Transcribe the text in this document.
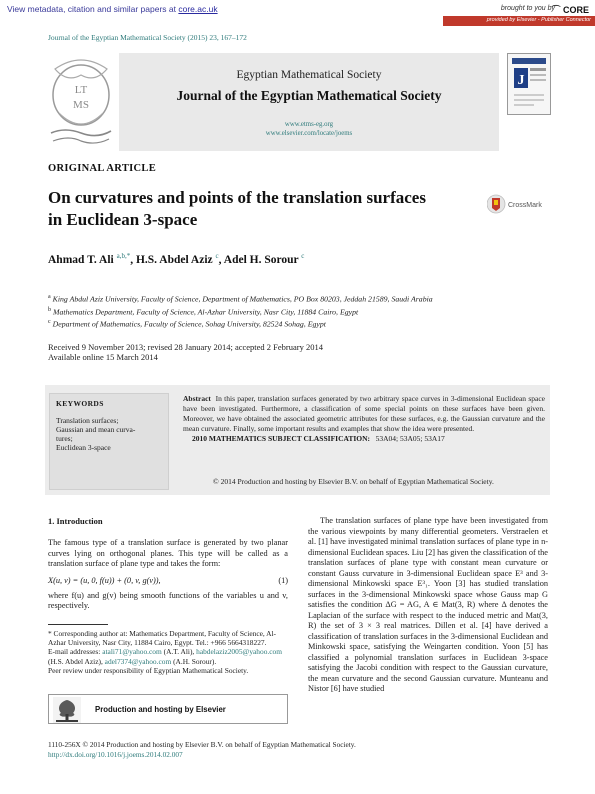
View metadata, citation and similar papers at core.ac.uk	brought to you by
⌒ CORE
provided by Elsevier - Publisher Connector
Journal of the Egyptian Mathematical Society (2015) 23, 167–172
LT
MS
Egyptian Mathematical Society
Journal of the Egyptian Mathematical Society
www.etms-eg.org
www.elsevier.com/locate/joems
J
ORIGINAL ARTICLE
On curvatures and points of the translation surfaces
in Euclidean 3-space
CrossMark
Ahmad T. Ali $^{a,b,*}$, H.S. Abdel Aziz $^c$, Adel H. Sorour $^c$
$^a$ King Abdul Aziz University, Faculty of Science, Department of Mathematics, PO Box 80203, Jeddah 21589, Saudi Arabia
$^b$ Mathematics Department, Faculty of Science, Al-Azhar University, Nasr City, 11884 Cairo, Egypt
$^c$ Department of Mathematics, Faculty of Science, Sohag University, 82524 Sohag, Egypt
Received 9 November 2013; revised 28 January 2014; accepted 2 February 2014
Available online 15 March 2014
KEYWORDS
Translation surfaces;
Gaussian and mean curva-
tures;
Euclidean 3-space
Abstract In this paper, translation surfaces generated by two arbitrary space curves in 3-dimensional Euclidean space have been investigated. Furthermore, a classification of some special points on these surfaces have been given. Moreover, we have obtained the associated geometric attributes for these surfaces, e.g. the Gaussian curvature and the mean curvature. Finally, some important results and examples that show the idea were presented.
2010 MATHEMATICS SUBJECT CLASSIFICATION: 53A04; 53A05; 53A17
© 2014 Production and hosting by Elsevier B.V. on behalf of Egyptian Mathematical Society.
1. Introduction
The famous type of a translation surface is generated by two planar curves lying on orthogonal planes. This type will be called as a translation surface of plane type and takes the form:
X(u, v) = (u, 0, f(u)) + (0, v, g(v)),	(1)
where f(u) and g(v) being smooth functions of the variables u and v, respectively.
* Corresponding author at: Mathematics Department, Faculty of Science, Al-Azhar University, Nasr City, 11884 Cairo, Egypt. Tel.: +966 5664318227.
E-mail addresses: atali71@yahoo.com (A.T. Ali), habdelaziz2005@yahoo.com (H.S. Abdel Aziz), adel7374@yahoo.com (A.H. Sorour).
Peer review under responsibility of Egyptian Mathematical Society.
Production and hosting by Elsevier
The translation surfaces of plane type have been investigated from the various viewpoints by many differential geometers. Verstraelen et al. [1] have investigated minimal translation surfaces of plane type in n-dimensional Euclidean spaces. Liu [2] has given the classification of the translation surfaces of plane type with constant mean curvature or constant Gauss curvature in 3-dimensional Euclidean space E³ and 3-dimensional Minkowski space E³₁. Yoon [3] has studied translation surfaces in the 3-dimensional Minkowski space whose Gauss map G satisfies the condition ΔG = AG, A ∈ Mat(3, R) where Δ denotes the Laplacian of the surface with respect to the induced metric and Mat(3, R) the set of 3 × 3 real matrices. Dillen et al. [4] have derived a classification of translation surfaces in the 3-dimensional Euclidean and Minkowski space, satisfying the Weingarten condition. Yoon [5] has classified a polynomial translation surfaces in Euclidean 3-space satisfying the Jacobi condition with respect to the Gaussian curvature, the mean curvature and the second Gaussian curvature. Munteanu and Nistor [6] have studied
1110-256X © 2014 Production and hosting by Elsevier B.V. on behalf of Egyptian Mathematical Society.
http://dx.doi.org/10.1016/j.joems.2014.02.007
